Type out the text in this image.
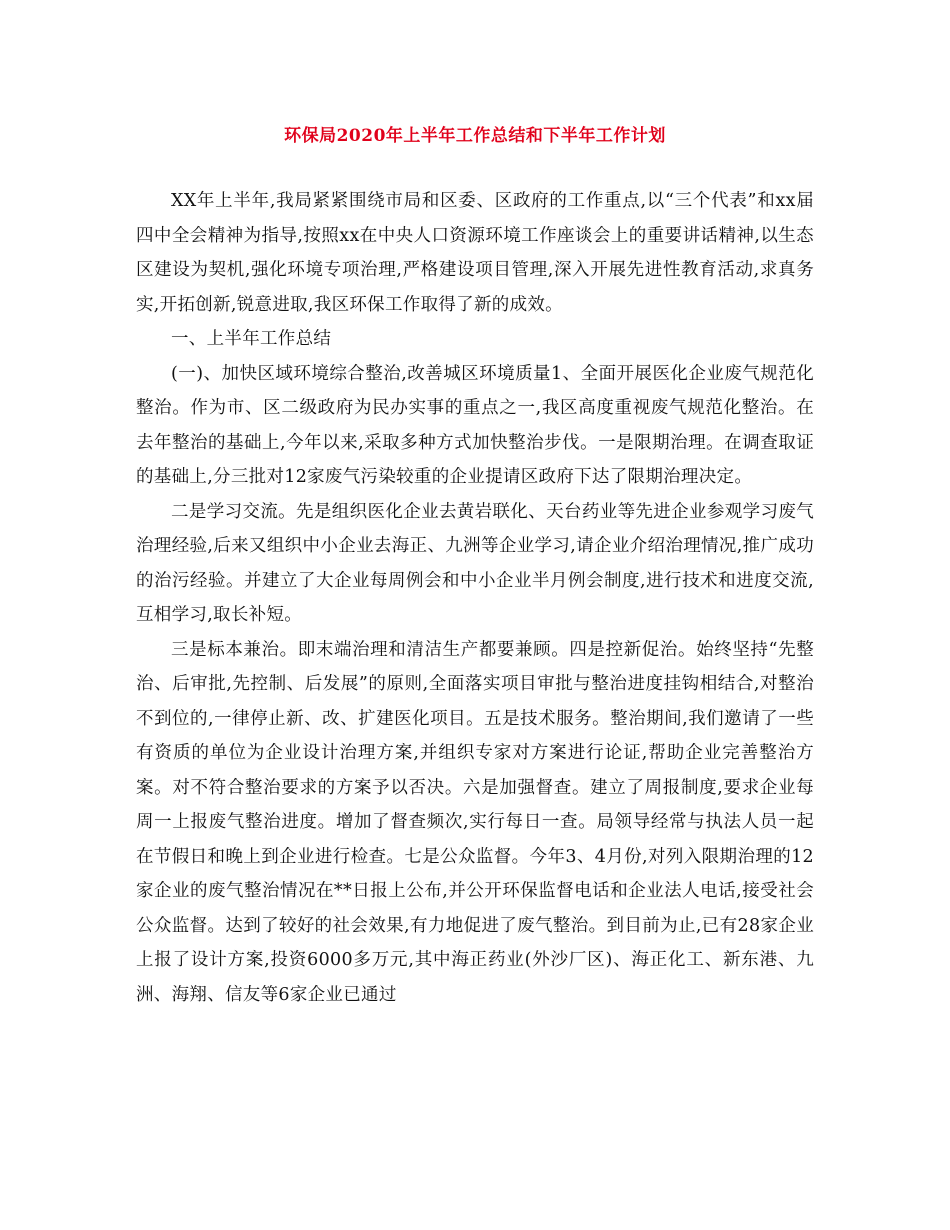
环保局2020年上半年工作总结和下半年工作计划

XX年上半年,我局紧紧围绕市局和区委、区政府的工作重点,以“三个代表”和xx届四中全会精神为指导,按照xx在中央人口资源环境工作座谈会上的重要讲话精神,以生态区建设为契机,强化环境专项治理,严格建设项目管理,深入开展先进性教育活动,求真务实,开拓创新,锐意进取,我区环保工作取得了新的成效。

一、上半年工作总结

(一)、加快区域环境综合整治,改善城区环境质量1、全面开展医化企业废气规范化整治。作为市、区二级政府为民办实事的重点之一,我区高度重视废气规范化整治。在去年整治的基础上,今年以来,采取多种方式加快整治步伐。一是限期治理。在调查取证的基础上,分三批对12家废气污染较重的企业提请区政府下达了限期治理决定。

二是学习交流。先是组织医化企业去黄岩联化、天台药业等先进企业参观学习废气治理经验,后来又组织中小企业去海正、九洲等企业学习,请企业介绍治理情况,推广成功的治污经验。并建立了大企业每周例会和中小企业半月例会制度,进行技术和进度交流,互相学习,取长补短。

三是标本兼治。即末端治理和清洁生产都要兼顾。四是控新促治。始终坚持“先整治、后审批,先控制、后发展”的原则,全面落实项目审批与整治进度挂钩相结合,对整治不到位的,一律停止新、改、扩建医化项目。五是技术服务。整治期间,我们邀请了一些有资质的单位为企业设计治理方案,并组织专家对方案进行论证,帮助企业完善整治方案。对不符合整治要求的方案予以否决。六是加强督查。建立了周报制度,要求企业每周一上报废气整治进度。增加了督查频次,实行每日一查。局领导经常与执法人员一起在节假日和晚上到企业进行检查。七是公众监督。今年3、4月份,对列入限期治理的12家企业的废气整治情况在**日报上公布,并公开环保监督电话和企业法人电话,接受社会公众监督。达到了较好的社会效果,有力地促进了废气整治。到目前为止,已有28家企业上报了设计方案,投资6000多万元,其中海正药业(外沙厂区)、海正化工、新东港、九洲、海翔、信友等6家企业已通过
